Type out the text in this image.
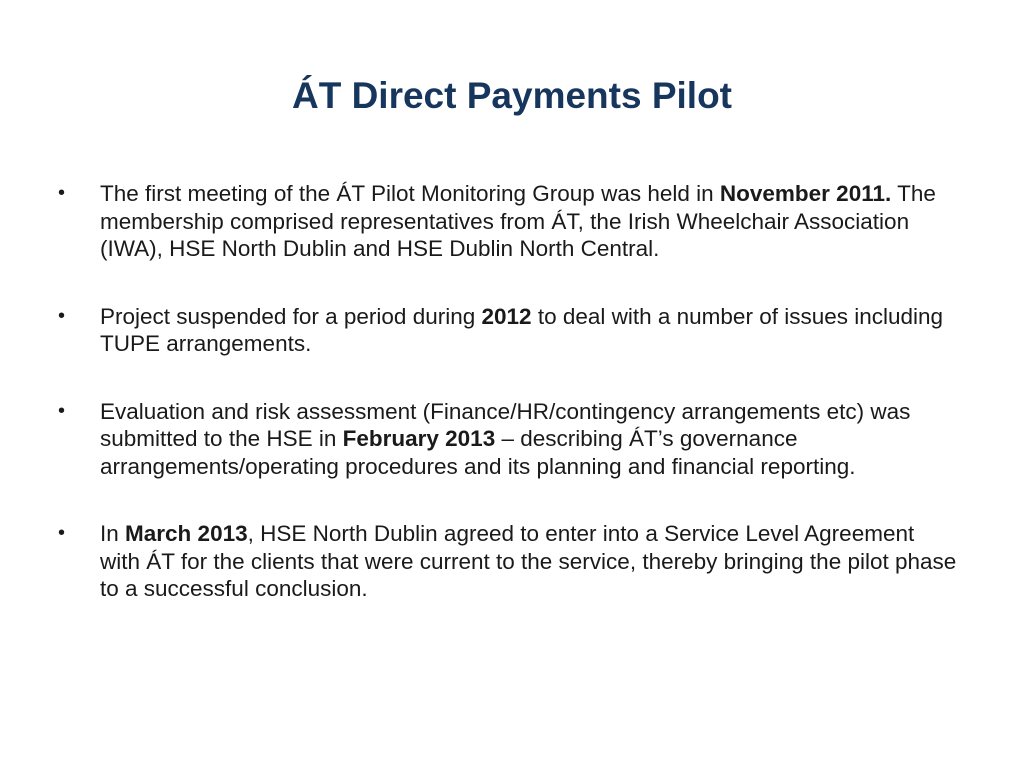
ÁT Direct Payments Pilot
•	The first meeting of the ÁT Pilot Monitoring Group was held in November 2011. The membership comprised representatives from ÁT, the Irish Wheelchair Association (IWA), HSE North Dublin and HSE Dublin North Central.
•	Project suspended for a period during 2012 to deal with a number of issues including TUPE arrangements.
•	Evaluation and risk assessment (Finance/HR/contingency arrangements etc) was submitted to the HSE in February 2013 – describing ÁT’s governance arrangements/operating procedures and its planning and financial reporting.
•	In March 2013, HSE North Dublin agreed to enter into a Service Level Agreement with ÁT for the clients that were current to the service, thereby bringing the pilot phase to a successful conclusion.
